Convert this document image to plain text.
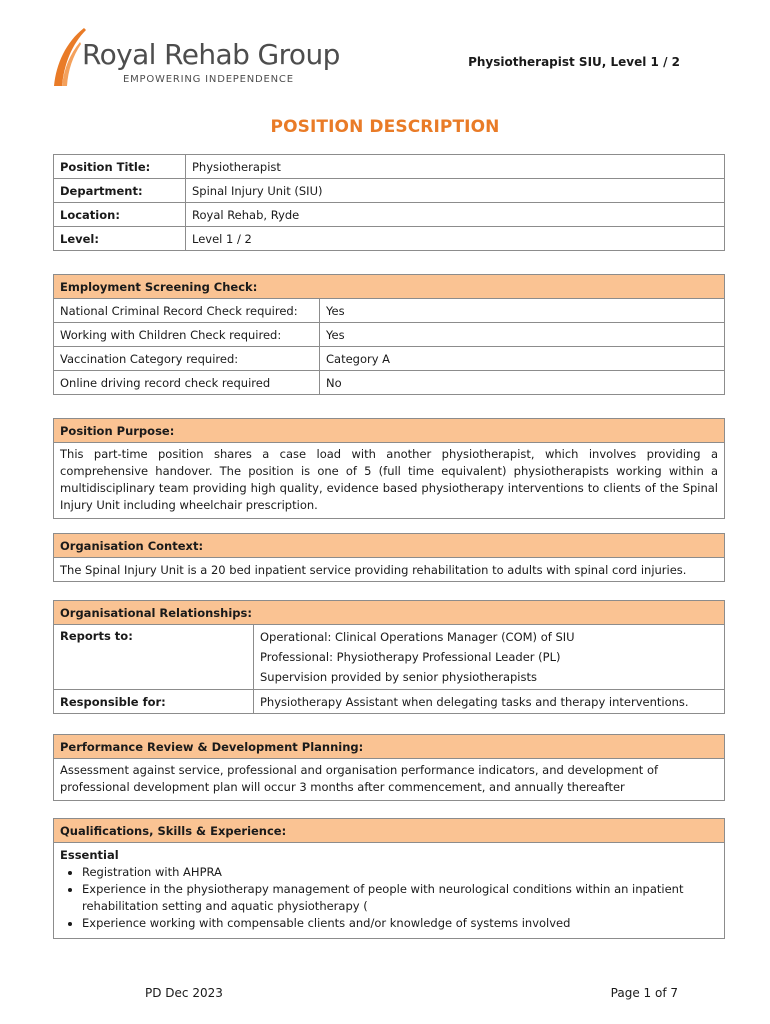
Royal Rehab Group
EMPOWERING INDEPENDENCE
Physiotherapist SIU, Level 1 / 2
POSITION DESCRIPTION
Position Title:	Physiotherapist
Department:	Spinal Injury Unit (SIU)
Location:	Royal Rehab, Ryde
Level:	Level 1 / 2
Employment Screening Check:	
National Criminal Record Check required:	Yes
Working with Children Check required:	Yes
Vaccination Category required:	Category A
Online driving record check required	No
Position Purpose:
This part-time position shares a case load with another physiotherapist, which involves providing a comprehensive handover. The position is one of 5 (full time equivalent) physiotherapists working within a multidisciplinary team providing high quality, evidence based physiotherapy interventions to clients of the Spinal Injury Unit including wheelchair prescription.
Organisation Context:
The Spinal Injury Unit is a 20 bed inpatient service providing rehabilitation to adults with spinal cord injuries.
Organisational Relationships:	
Reports to:	Operational: Clinical Operations Manager (COM) of SIU
Professional: Physiotherapy Professional Leader (PL)
Supervision provided by senior physiotherapists

Responsible for:	Physiotherapy Assistant when delegating tasks and therapy interventions.
Performance Review & Development Planning:
Assessment against service, professional and organisation performance indicators, and development of professional development plan will occur 3 months after commencement, and annually thereafter
Qualifications, Skills & Experience:

Essential
• Registration with AHPRA
• Experience in the physiotherapy management of people with neurological conditions within an inpatient rehabilitation setting and aquatic physiotherapy (
• Experience working with compensable clients and/or knowledge of systems involved
PD Dec 2023	Page 1 of 7
